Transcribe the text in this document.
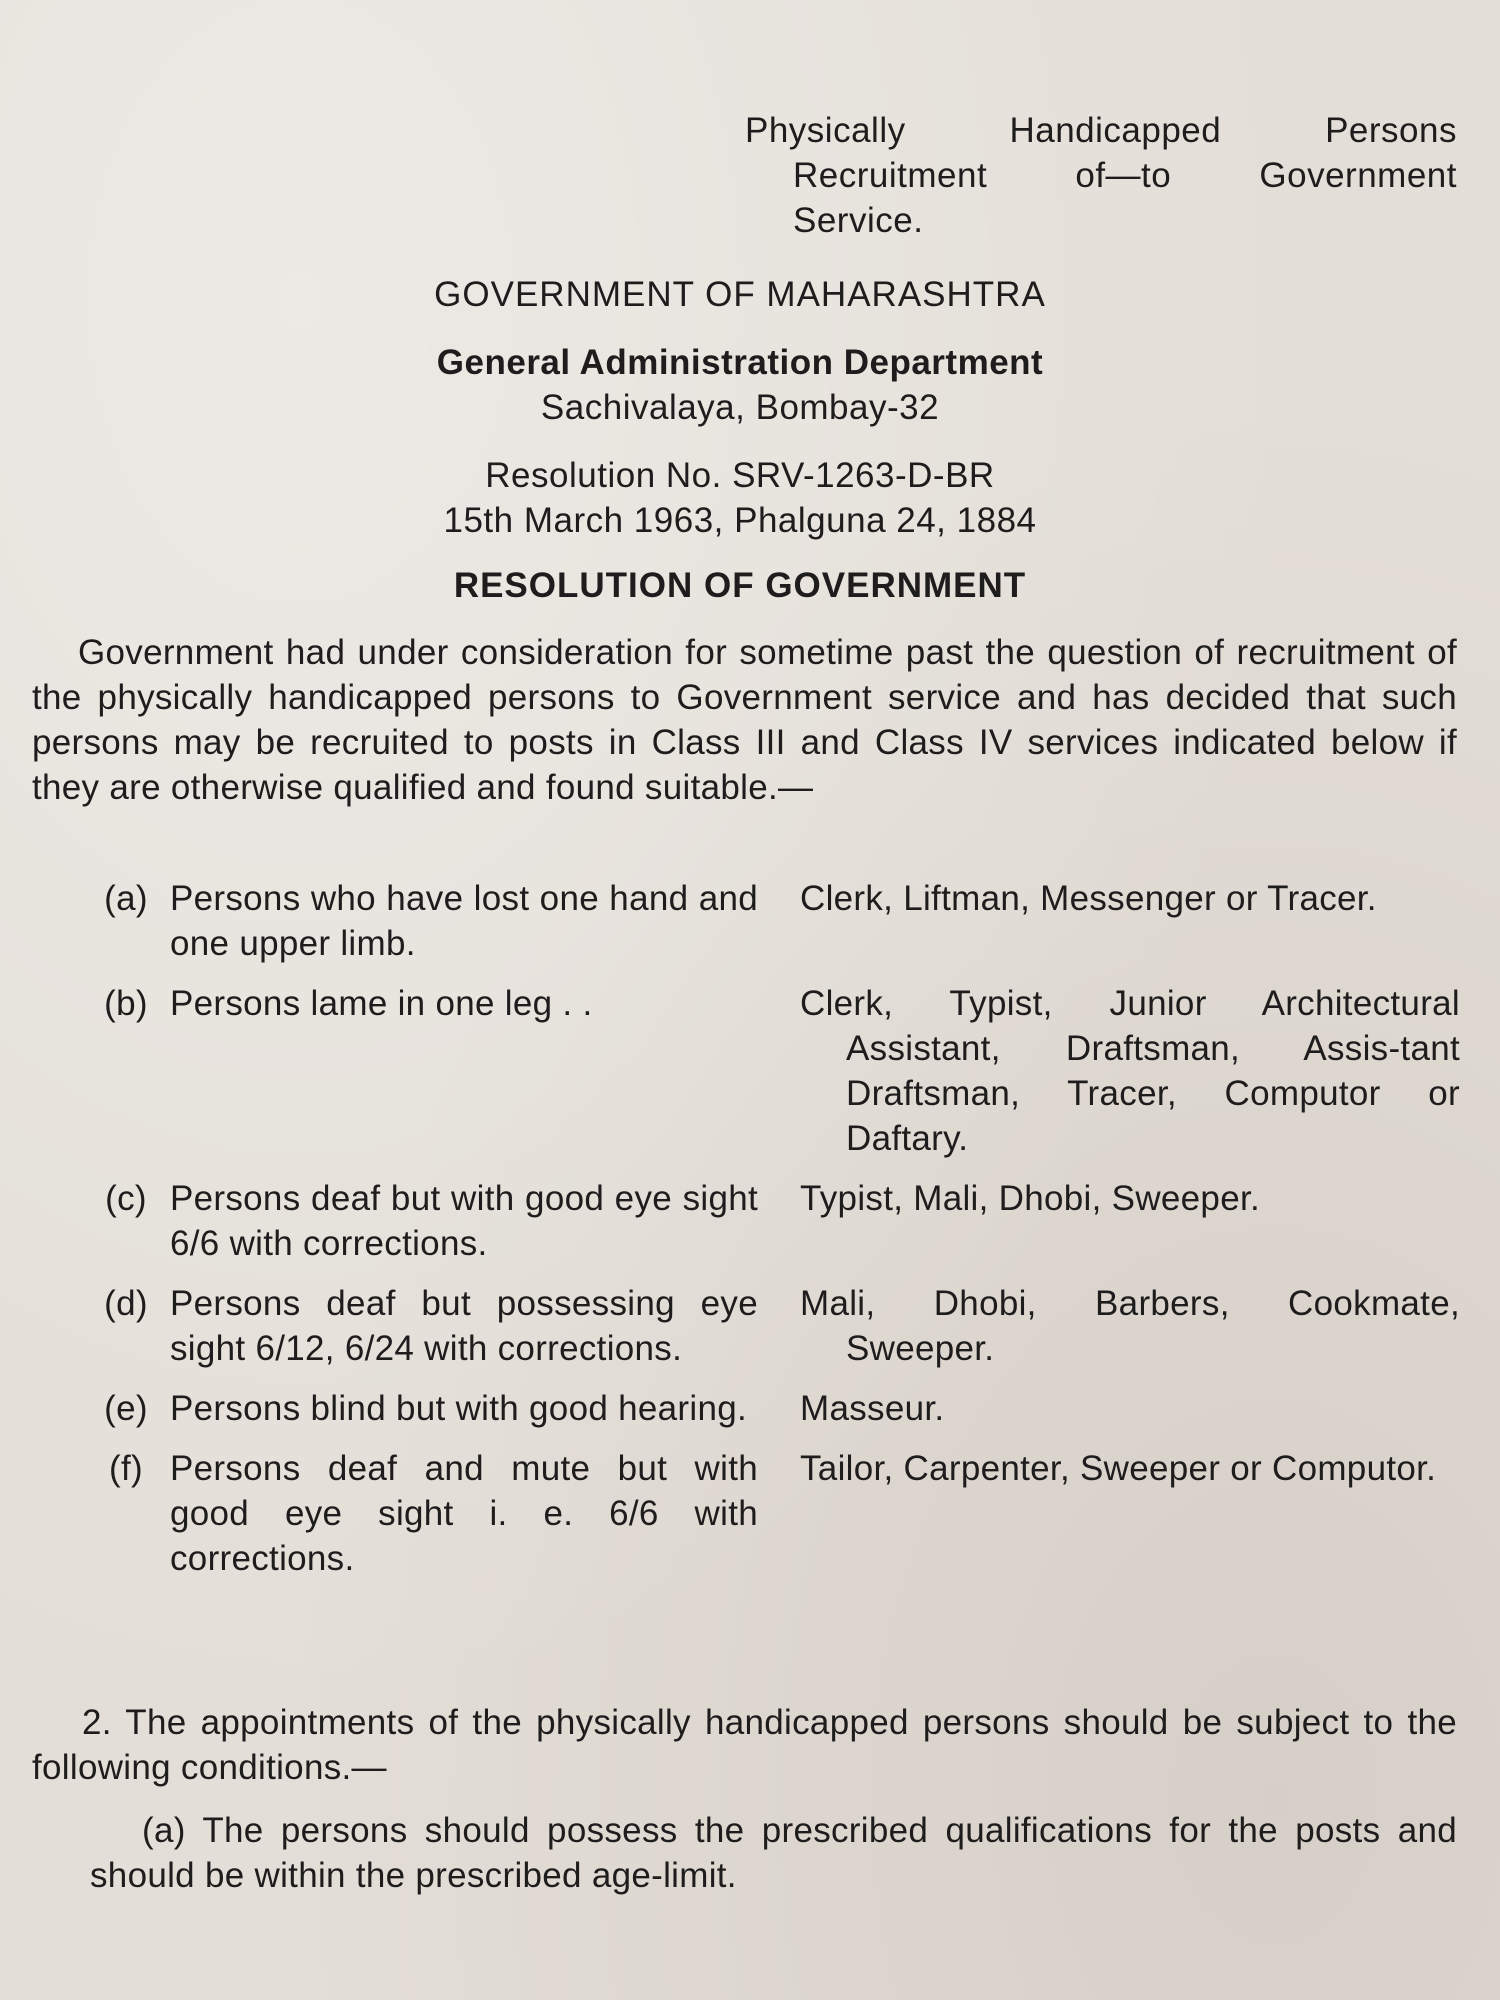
Physically Handicapped Persons
Recruitment of—to Government
Service.
GOVERNMENT OF MAHARASHTRA
General Administration Department
Sachivalaya, Bombay-32
Resolution No. SRV-1263-D-BR
15th March 1963, Phalguna 24, 1884
RESOLUTION OF GOVERNMENT
Government had under consideration for sometime past the question of recruitment of the physically handicapped persons to Government service and has decided that such persons may be recruited to posts in Class III and Class IV services indicated below if they are otherwise qualified and found suitable.—
(a) Persons who have lost one hand and one upper limb.
Clerk, Liftman, Messenger or Tracer.
(b) Persons lame in one leg . .	Clerk, Typist, Junior Architectural Assistant, Draftsman, Assis-tant Draftsman, Tracer, Computor or Daftary.
(c) Persons deaf but with good eye sight 6/6 with corrections.
Typist, Mali, Dhobi, Sweeper.
(d) Persons deaf but possessing eye sight 6/12, 6/24 with corrections.
Mali, Dhobi, Barbers, Cookmate, Sweeper.
(e) Persons blind but with good hearing.	Masseur.
(f) Persons deaf and mute but with good eye sight i. e. 6/6 with corrections.
Tailor, Carpenter, Sweeper or Computor.
2. The appointments of the physically handicapped persons should be subject to the following conditions.—
(a) The persons should possess the prescribed qualifications for the posts and should be within the prescribed age-limit.
